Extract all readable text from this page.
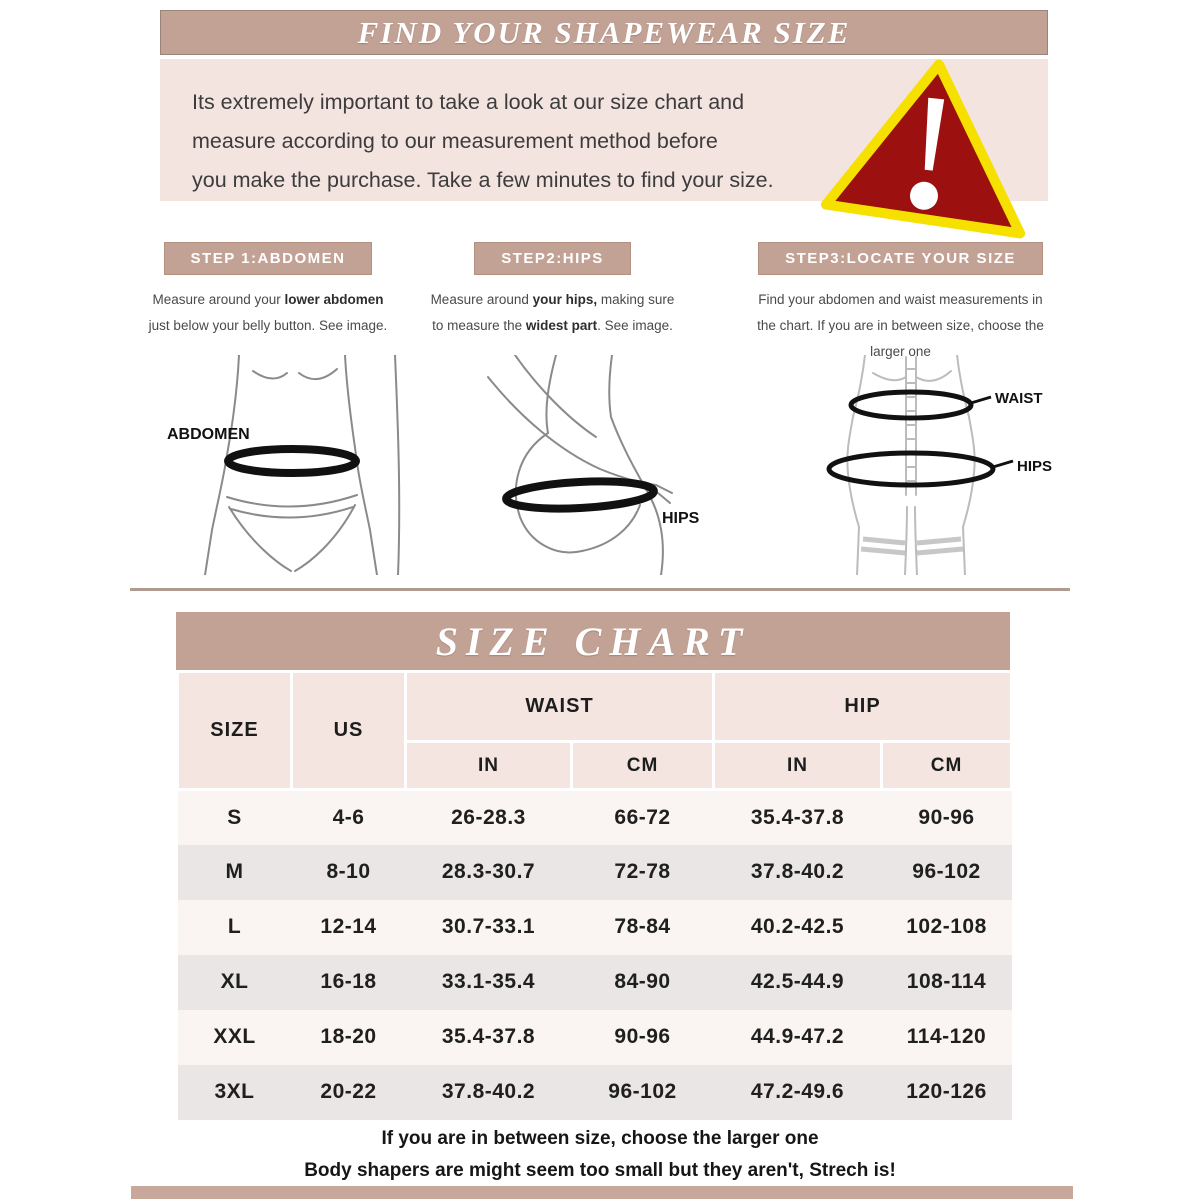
FIND YOUR SHAPEWEAR SIZE
Its extremely important to take a look at our size chart and
measure according to our measurement method before
you make the purchase. Take a few minutes to find your size.
STEP 1:ABDOMEN
Measure around your lower abdomen just below your belly button. See image.
STEP2:HIPS
Measure around your hips, making sure to measure the widest part. See image.
STEP3:LOCATE YOUR SIZE
Find your abdomen and waist measurements in the chart. If you are in between size, choose the larger one
ABDOMEN
HIPS
WAIST
HIPS
SIZE CHART
SIZE	US	WAIST		HIP	
		IN	CM	IN	CM
S	4-6	26-28.3	66-72	35.4-37.8	90-96
M	8-10	28.3-30.7	72-78	37.8-40.2	96-102
L	12-14	30.7-33.1	78-84	40.2-42.5	102-108
XL	16-18	33.1-35.4	84-90	42.5-44.9	108-114
XXL	18-20	35.4-37.8	90-96	44.9-47.2	114-120
3XL	20-22	37.8-40.2	96-102	47.2-49.6	120-126
If you are in between size, choose the larger one
Body shapers are might seem too small but they aren't, Strech is!
